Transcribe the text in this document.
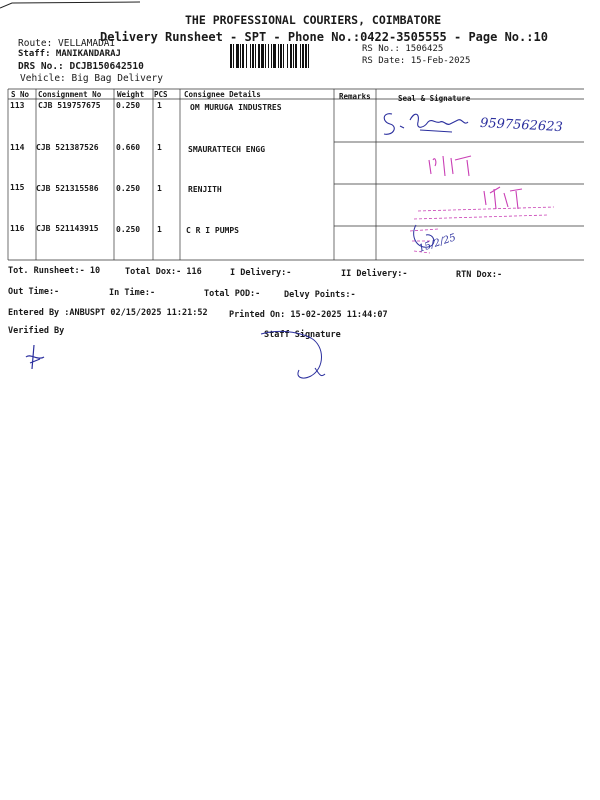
THE PROFESSIONAL COURIERS, COIMBATORE
Delivery Runsheet - SPT - Phone No.:0422-3505555 - Page No.:10
Route: VELLAMADAI
Staff: MANIKANDARAJ
DRS No.: DCJB150642510
Vehicle: Big Bag Delivery
RS No.: 1506425
RS Date: 15-Feb-2025
S No Consignment No Weight PCS Consignee Details	Remarks	Seal & Signature
113 CJB 519757675 0.250 1	OM MURUGA INDUSTRES
114 CJB 521387526 0.660 1	SMAURATTECH ENGG
115 CJB 521315586 0.250 1	RENJITH
116 CJB 521143915 0.250 1	C R I PUMPS
9597562623
15/2/25
Tot. Runsheet:- 10	Total Dox:- 116	I Delivery:-	II Delivery:-	RTN Dox:-
Out Time:-	In Time:-	Total POD:-	Delvy Points:-
Entered By :ANBUSPT 02/15/2025 11:21:52	Printed On: 15-02-2025 11:44:07
Verified By	Staff Signature
